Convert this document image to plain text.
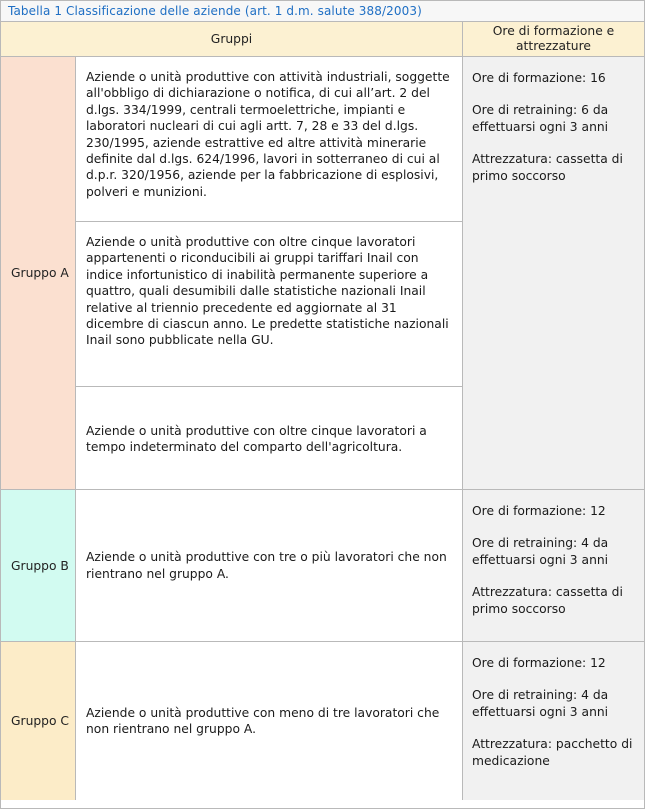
Tabella 1 Classificazione delle aziende (art. 1 d.m. salute 388/2003)
Gruppi
Ore di formazione e attrezzature
Gruppo A
Aziende o unità produttive con attività industriali, soggette all'obbligo di dichiarazione o notifica, di cui all’art. 2 del d.lgs. 334/1999, centrali termoelettriche, impianti e laboratori nucleari di cui agli artt. 7, 28 e 33 del d.lgs. 230/1995, aziende estrattive ed altre attività minerarie definite dal d.lgs. 624/1996, lavori in sotterraneo di cui al d.p.r. 320/1956, aziende per la fabbricazione di esplosivi, polveri e munizioni.
Aziende o unità produttive con oltre cinque lavoratori appartenenti o riconducibili ai gruppi tariffari Inail con indice infortunistico di inabilità permanente superiore a quattro, quali desumibili dalle statistiche nazionali Inail relative al triennio precedente ed aggiornate al 31 dicembre di ciascun anno. Le predette statistiche nazionali Inail sono pubblicate nella GU.
Aziende o unità produttive con oltre cinque lavoratori a tempo indeterminato del comparto dell'agricoltura.

Ore di formazione: 16

Ore di retraining: 6 da effettuarsi ogni 3 anni

Attrezzatura: cassetta di primo soccorso

Gruppo B
Aziende o unità produttive con tre o più lavoratori che non rientrano nel gruppo A.

Ore di formazione: 12

Ore di retraining: 4 da effettuarsi ogni 3 anni

Attrezzatura: cassetta di primo soccorso

Gruppo C
Aziende o unità produttive con meno di tre lavoratori che non rientrano nel gruppo A.

Ore di formazione: 12

Ore di retraining: 4 da effettuarsi ogni 3 anni

Attrezzatura: pacchetto di medicazione
